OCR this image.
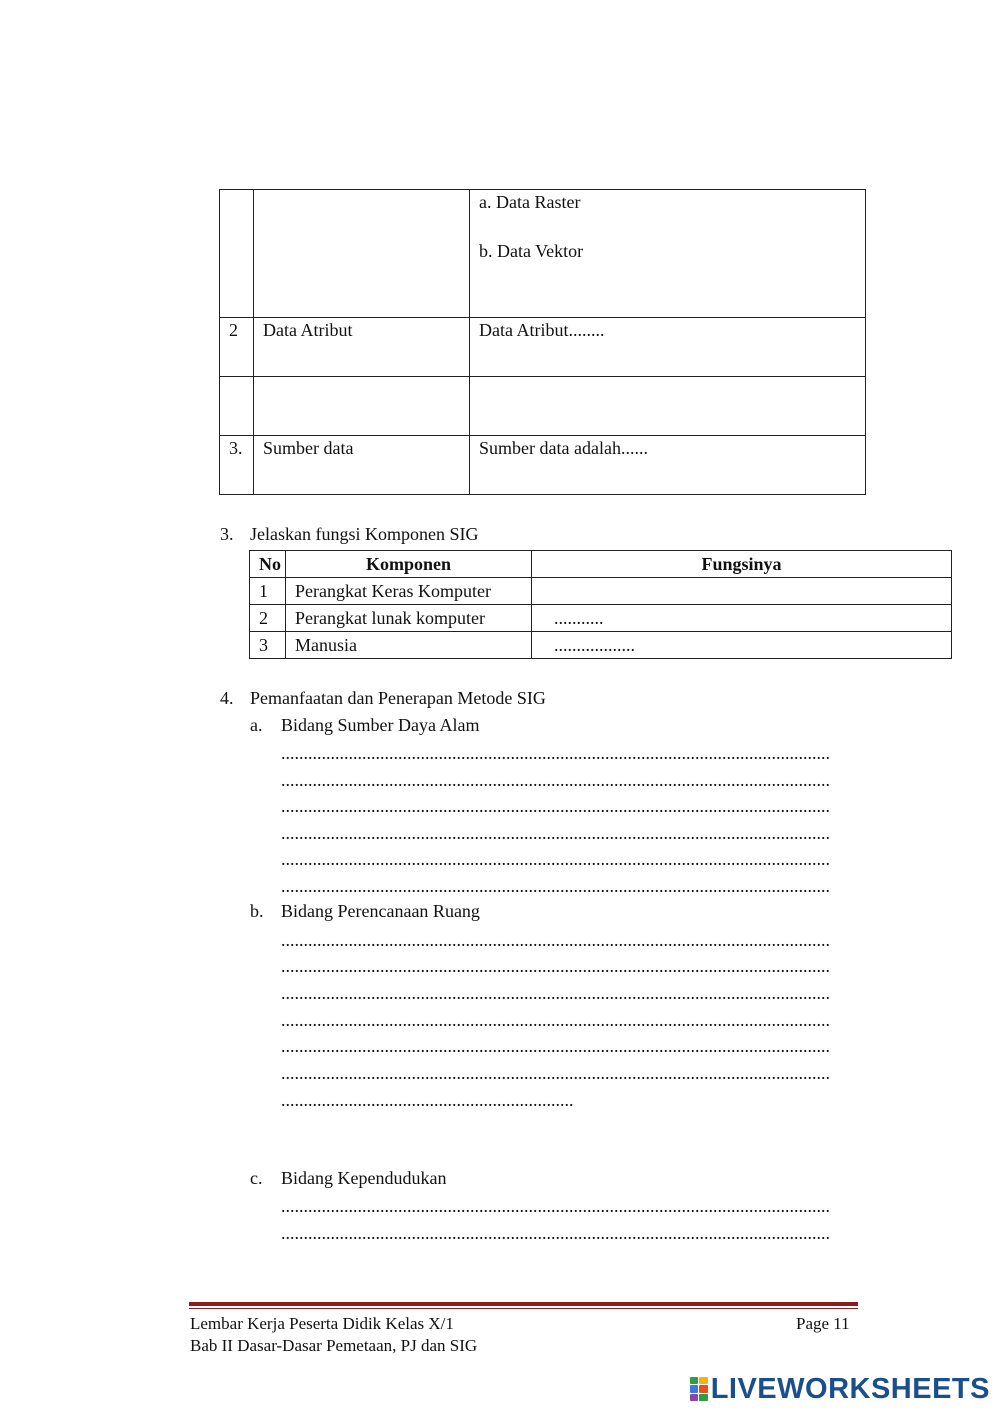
		a. Data Raster

b. Data Vektor

2	Data Atribut	Data Atribut........

3.	Sumber data	Sumber data adalah......
3. Jelaskan fungsi Komponen SIG
No	Komponen	Fungsinya
1	Perangkat Keras Komputer	
2	Perangkat lunak komputer	...........
3	Manusia	..................
4. Pemanfaatan dan Penerapan Metode SIG
a. Bidang Sumber Daya Alam
..........................................................................................................................
..........................................................................................................................
..........................................................................................................................
..........................................................................................................................
..........................................................................................................................
..........................................................................................................................
b. Bidang Perencanaan Ruang
..........................................................................................................................
..........................................................................................................................
..........................................................................................................................
..........................................................................................................................
..........................................................................................................................
..........................................................................................................................
.................................................................
c. Bidang Kependudukan
..........................................................................................................................
..........................................................................................................................
Lembar Kerja Peserta Didik Kelas X/1
Bab II Dasar-Dasar Pemetaan, PJ dan SIG
Page 11
LIVEWORKSHEETS
